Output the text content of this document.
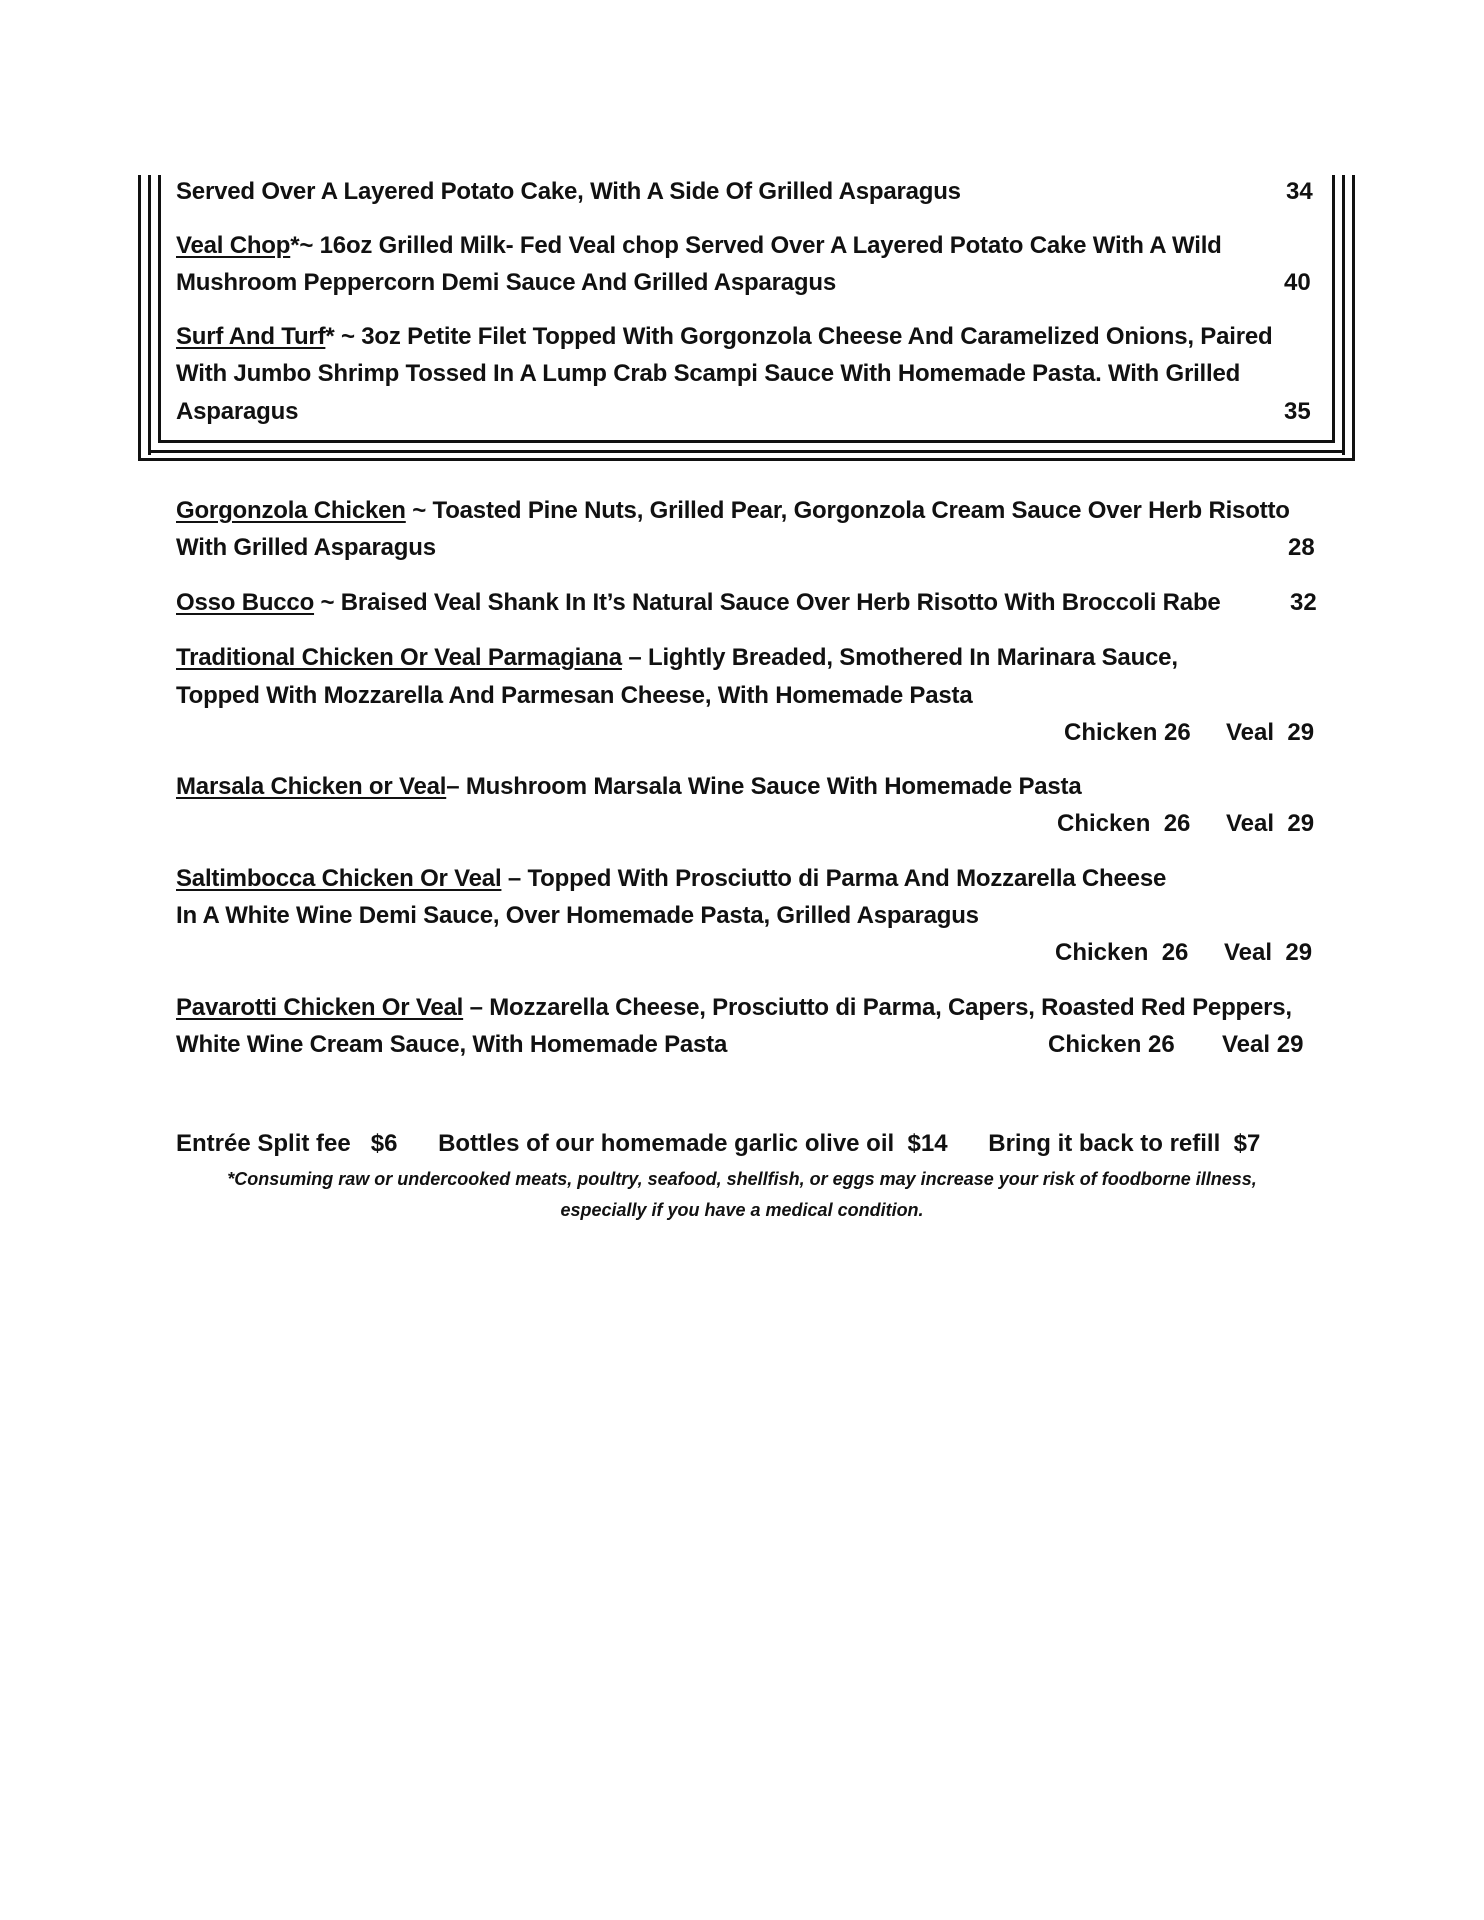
Served Over A Layered Potato Cake, With A Side Of Grilled Asparagus	34
Veal Chop*~ 16oz Grilled Milk- Fed Veal chop Served Over A Layered Potato Cake With A Wild
Mushroom Peppercorn Demi Sauce And Grilled Asparagus	40
Surf And Turf* ~ 3oz Petite Filet Topped With Gorgonzola Cheese And Caramelized Onions, Paired
With Jumbo Shrimp Tossed In A Lump Crab Scampi Sauce With Homemade Pasta. With Grilled
Asparagus	35
Gorgonzola Chicken ~ Toasted Pine Nuts, Grilled Pear, Gorgonzola Cream Sauce Over Herb Risotto
With Grilled Asparagus	28
Osso Bucco ~ Braised Veal Shank In It’s Natural Sauce Over Herb Risotto With Broccoli Rabe	32
Traditional Chicken Or Veal Parmagiana – Lightly Breaded, Smothered In Marinara Sauce,
Topped With Mozzarella And Parmesan Cheese, With Homemade Pasta
Chicken 26 Veal  29
Marsala Chicken or Veal– Mushroom Marsala Wine Sauce With Homemade Pasta
Chicken  26 Veal  29
Saltimbocca Chicken Or Veal – Topped With Prosciutto di Parma And Mozzarella Cheese
In A White Wine Demi Sauce, Over Homemade Pasta, Grilled Asparagus
Chicken  26 Veal  29
Pavarotti Chicken Or Veal – Mozzarella Cheese, Prosciutto di Parma, Capers, Roasted Red Peppers,
White Wine Cream Sauce, With Homemade Pasta	Chicken 26 Veal 29
Entrée Split fee   $6 Bottles of our homemade garlic olive oil  $14 Bring it back to refill  $7
*Consuming raw or undercooked meats, poultry, seafood, shellfish, or eggs may increase your risk of foodborne illness,
especially if you have a medical condition.
